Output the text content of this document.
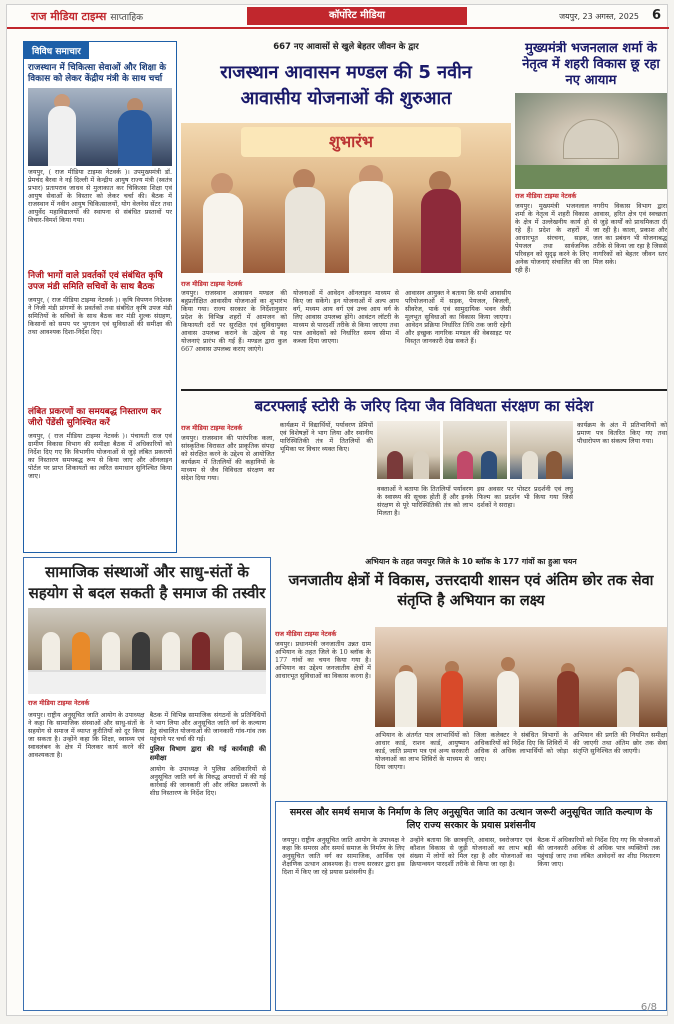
राज मीडिया टाइम्स साप्ताहिक	कॉर्पोरेट मीडिया	जयपुर, 23 अगस्त, 2025 6
विविध समाचार
राजस्थान में चिकित्सा सेवाओं और शिक्षा के विकास को लेकर केंद्रीय मंत्री के साथ चर्चा
जयपुर, ( राज मीडिया टाइम्स नेटवर्क )। उपमुख्यमंत्री डॉ. प्रेमचंद बैरवा ने नई दिल्ली में केन्द्रीय आयुष राज्य मंत्री (स्वतंत्र प्रभार) प्रतापराव जाधव से मुलाकात कर चिकित्सा शिक्षा एवं आयुष सेवाओं के विस्तार को लेकर चर्चा की। बैठक में राजस्थान में नवीन आयुष चिकित्सालयों, योग वेलनेस सेंटर तथा आयुर्वेद महाविद्यालयों की स्थापना से संबंधित प्रस्तावों पर विचार-विमर्श किया गया।
निजी भागों वाले प्रवर्तकों एवं संबंधित कृषि उपज मंडी समिति सचिवों के साथ बैठक
जयपुर, ( राज मीडिया टाइम्स नेटवर्क )। कृषि विपणन निदेशक ने निजी मंडी प्रांगणों के प्रवर्तकों तथा संबंधित कृषि उपज मंडी समितियों के सचिवों के साथ बैठक कर मंडी शुल्क संग्रहण, किसानों को समय पर भुगतान एवं सुविधाओं की समीक्षा की तथा आवश्यक दिशा-निर्देश दिए।
लंबित प्रकरणों का समयबद्ध निस्तारण कर जीरो पेंडेंसी सुनिश्चित करें
जयपुर, ( राज मीडिया टाइम्स नेटवर्क )। पंचायती राज एवं ग्रामीण विकास विभाग की समीक्षा बैठक में अधिकारियों को निर्देश दिए गए कि विभागीय योजनाओं से जुड़े लंबित प्रकरणों का निस्तारण समयबद्ध रूप से किया जाए और ऑनलाइन पोर्टल पर प्राप्त शिकायतों का त्वरित समाधान सुनिश्चित किया जाए।
667 नए आवासों से खुले बेहतर जीवन के द्वार
राजस्थान आवासन मण्डल की 5 नवीन आवासीय योजनाओं की शुरुआत
शुभारंभ
राज मीडिया टाइम्स नेटवर्क
जयपुर। राजस्थान आवासन मण्डल की बहुप्रतीक्षित आवासीय योजनाओं का शुभारंभ किया गया। राज्य सरकार के निर्देशानुसार प्रदेश के विभिन्न शहरों में आमजन को किफायती दरों पर सुरक्षित एवं सुविधायुक्त आवास उपलब्ध कराने के उद्देश्य से यह योजनाएं प्रारंभ की गई हैं। मण्डल द्वारा कुल 667 आवास उपलब्ध कराए जाएंगे।
योजनाओं में आवेदन ऑनलाइन माध्यम से किए जा सकेंगे। इन योजनाओं में अल्प आय वर्ग, मध्यम आय वर्ग एवं उच्च आय वर्ग के लिए आवास उपलब्ध होंगे। आवंटन लॉटरी के माध्यम से पारदर्शी तरीके से किया जाएगा तथा पात्र आवेदकों को निर्धारित समय सीमा में कब्जा दिया जाएगा।
आवासन आयुक्त ने बताया कि सभी आवासीय परियोजनाओं में सड़क, पेयजल, बिजली, सीवरेज, पार्क एवं सामुदायिक भवन जैसी मूलभूत सुविधाओं का विकास किया जाएगा। आवेदन प्रक्रिया निर्धारित तिथि तक जारी रहेगी और इच्छुक नागरिक मण्डल की वेबसाइट पर विस्तृत जानकारी देख सकते हैं।
मुख्यमंत्री भजनलाल शर्मा के नेतृत्व में शहरी विकास छू रहा नए आयाम
राज मीडिया टाइम्स नेटवर्क
जयपुर। मुख्यमंत्री भजनलाल शर्मा के नेतृत्व में शहरी विकास के क्षेत्र में उल्लेखनीय कार्य हो रहे हैं। प्रदेश के शहरों में आधारभूत संरचना, सड़क, पेयजल तथा सार्वजनिक परिवहन को सुदृढ़ करने के लिए अनेक योजनाएं संचालित की जा रही हैं।
नगरीय विकास विभाग द्वारा आवास, हरित क्षेत्र एवं स्वच्छता से जुड़े कार्यों को प्राथमिकता दी जा रही है। काला, प्रकाश और जल का प्रबंधन भी योजनाबद्ध तरीके से किया जा रहा है जिससे नागरिकों को बेहतर जीवन स्तर मिल सके।
बटरफ्लाई स्टोरी के जरिए दिया जैव विविधता संरक्षण का संदेश
राज मीडिया टाइम्स नेटवर्क
जयपुर। राजस्थान की पारंपरिक कला, सांस्कृतिक विरासत और प्राकृतिक संपदा को संरक्षित करने के उद्देश्य से आयोजित कार्यक्रम में तितलियों की कहानियों के माध्यम से जैव विविधता संरक्षण का संदेश दिया गया।
कार्यक्रम में विद्यार्थियों, पर्यावरण प्रेमियों एवं विशेषज्ञों ने भाग लिया और स्थानीय पारिस्थितिकी तंत्र में तितलियों की भूमिका पर विचार व्यक्त किए।
वक्ताओं ने बताया कि तितलियाँ पर्यावरण के स्वास्थ्य की सूचक होती हैं और इनके संरक्षण से पूरे पारिस्थितिकी तंत्र को लाभ मिलता है।
इस अवसर पर पोस्टर प्रदर्शनी एवं लघु फिल्म का प्रदर्शन भी किया गया जिसे दर्शकों ने सराहा।
कार्यक्रम के अंत में प्रतिभागियों को प्रमाण पत्र वितरित किए गए तथा पौधारोपण का संकल्प लिया गया।
सामाजिक संस्थाओं और साधु-संतों के सहयोग से बदल सकती है समाज की तस्वीर
राज मीडिया टाइम्स नेटवर्क
जयपुर। राष्ट्रीय अनुसूचित जाति आयोग के उपाध्यक्ष ने कहा कि सामाजिक संस्थाओं और साधु-संतों के सहयोग से समाज में व्याप्त कुरीतियों को दूर किया जा सकता है। उन्होंने कहा कि शिक्षा, स्वास्थ्य एवं स्वावलंबन के क्षेत्र में मिलकर कार्य करने की आवश्यकता है।
बैठक में विभिन्न सामाजिक संगठनों के प्रतिनिधियों ने भाग लिया और अनुसूचित जाति वर्ग के कल्याण हेतु संचालित योजनाओं की जानकारी गांव-गांव तक पहुंचाने पर चर्चा की गई।
पुलिस विभाग द्वारा की गई कार्यवाही की समीक्षा
आयोग के उपाध्यक्ष ने पुलिस अधिकारियों से अनुसूचित जाति वर्ग के विरुद्ध अपराधों में की गई कार्रवाई की जानकारी ली और लंबित प्रकरणों के शीघ्र निस्तारण के निर्देश दिए।
अभियान के तहत जयपुर जिले के 10 ब्लॉक के 177 गांवों का हुआ चयन
जनजातीय क्षेत्रों में विकास, उत्तरदायी शासन एवं अंतिम छोर तक सेवा संतृप्ति है अभियान का लक्ष्य
राज मीडिया टाइम्स नेटवर्क
जयपुर। प्रधानमंत्री जनजातीय उन्नत ग्राम अभियान के तहत जिले के 10 ब्लॉक के 177 गांवों का चयन किया गया है। अभियान का उद्देश्य जनजातीय क्षेत्रों में आधारभूत सुविधाओं का विकास करना है।
अभियान के अंतर्गत पात्र लाभार्थियों को आधार कार्ड, राशन कार्ड, आयुष्मान कार्ड, जाति प्रमाण पत्र एवं अन्य सरकारी योजनाओं का लाभ शिविरों के माध्यम से दिया जाएगा।
जिला कलेक्टर ने संबंधित विभागों के अधिकारियों को निर्देश दिए कि शिविरों में अधिक से अधिक लाभार्थियों को जोड़ा जाए।
अभियान की प्रगति की नियमित समीक्षा की जाएगी तथा अंतिम छोर तक सेवा संतृप्ति सुनिश्चित की जाएगी।
समरस और समर्थ समाज के निर्माण के लिए अनुसूचित जाति का उत्थान जरूरी अनुसूचित जाति कल्याण के लिए राज्य सरकार के प्रयास प्रशंसनीय
जयपुर। राष्ट्रीय अनुसूचित जाति आयोग के उपाध्यक्ष ने कहा कि समरस और समर्थ समाज के निर्माण के लिए अनुसूचित जाति वर्ग का सामाजिक, आर्थिक एवं शैक्षणिक उत्थान आवश्यक है। राज्य सरकार द्वारा इस दिशा में किए जा रहे प्रयास प्रशंसनीय हैं।
उन्होंने बताया कि छात्रवृत्ति, आवास, स्वरोजगार एवं कौशल विकास से जुड़ी योजनाओं का लाभ बड़ी संख्या में लोगों को मिल रहा है और योजनाओं का क्रियान्वयन पारदर्शी तरीके से किया जा रहा है।
बैठक में अधिकारियों को निर्देश दिए गए कि योजनाओं की जानकारी अधिक से अधिक पात्र व्यक्तियों तक पहुंचाई जाए तथा लंबित आवेदनों का शीघ्र निस्तारण किया जाए।
6/8
